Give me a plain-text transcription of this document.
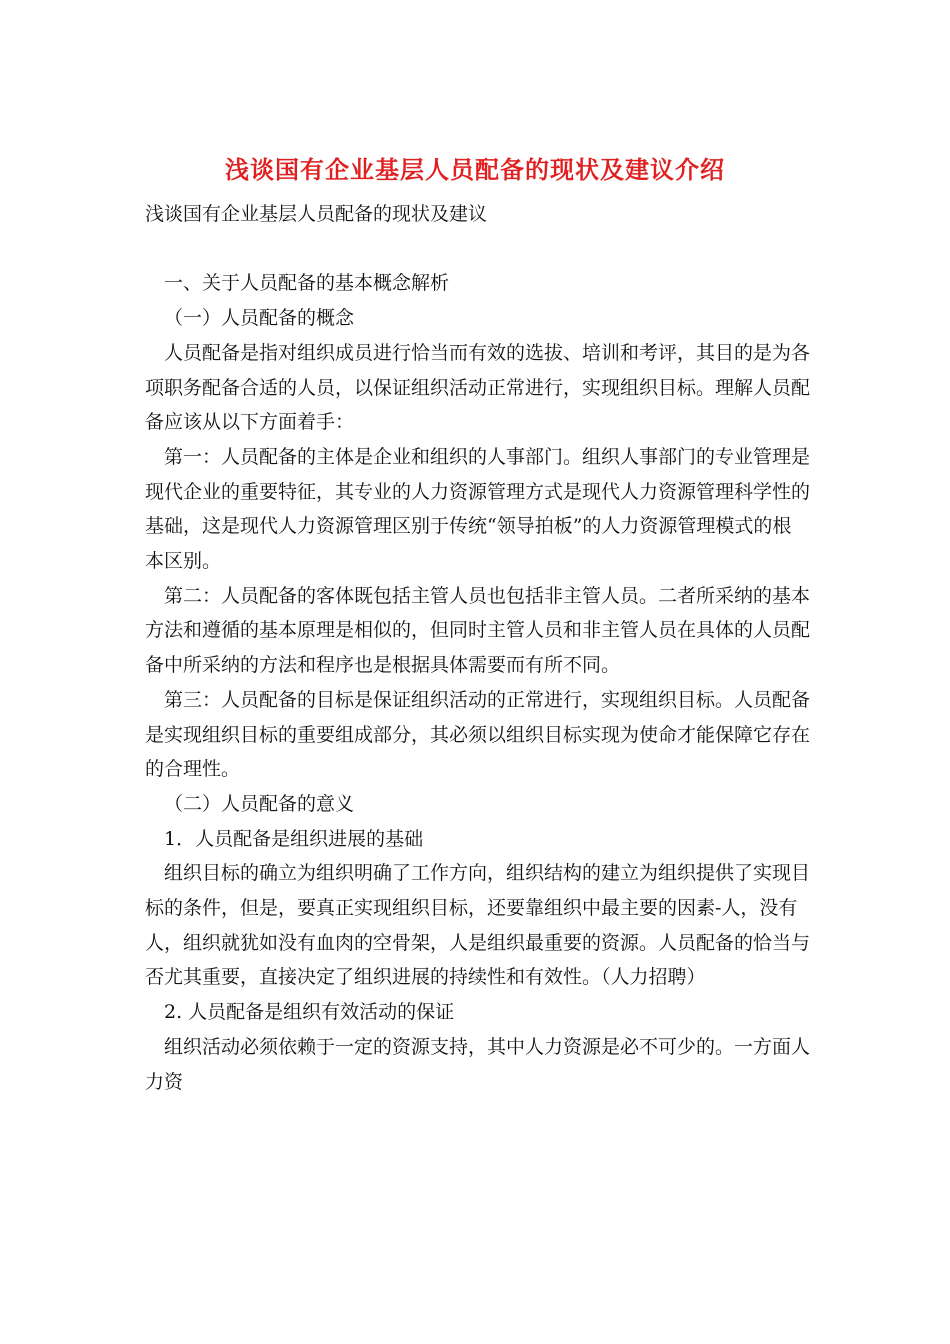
浅谈国有企业基层人员配备的现状及建议介绍

浅谈国有企业基层人员配备的现状及建议

一、关于人员配备的基本概念解析

（一）人员配备的概念

人员配备是指对组织成员进行恰当而有效的选拔、培训和考评，其目的是为各项职务配备合适的人员，以保证组织活动正常进行，实现组织目标。理解人员配备应该从以下方面着手：

第一：人员配备的主体是企业和组织的人事部门。组织人事部门的专业管理是现代企业的重要特征，其专业的人力资源管理方式是现代人力资源管理科学性的基础，这是现代人力资源管理区别于传统“领导拍板”的人力资源管理模式的根本区别。

第二：人员配备的客体既包括主管人员也包括非主管人员。二者所采纳的基本方法和遵循的基本原理是相似的，但同时主管人员和非主管人员在具体的人员配备中所采纳的方法和程序也是根据具体需要而有所不同。

第三：人员配备的目标是保证组织活动的正常进行，实现组织目标。人员配备是实现组织目标的重要组成部分，其必须以组织目标实现为使命才能保障它存在的合理性。

（二）人员配备的意义

1．人员配备是组织进展的基础

组织目标的确立为组织明确了工作方向，组织结构的建立为组织提供了实现目标的条件，但是，要真正实现组织目标，还要靠组织中最主要的因素-人，没有人，组织就犹如没有血肉的空骨架，人是组织最重要的资源。人员配备的恰当与否尤其重要，直接决定了组织进展的持续性和有效性。（人力招聘）

2. 人员配备是组织有效活动的保证

组织活动必须依赖于一定的资源支持，其中人力资源是必不可少的。一方面人力资
